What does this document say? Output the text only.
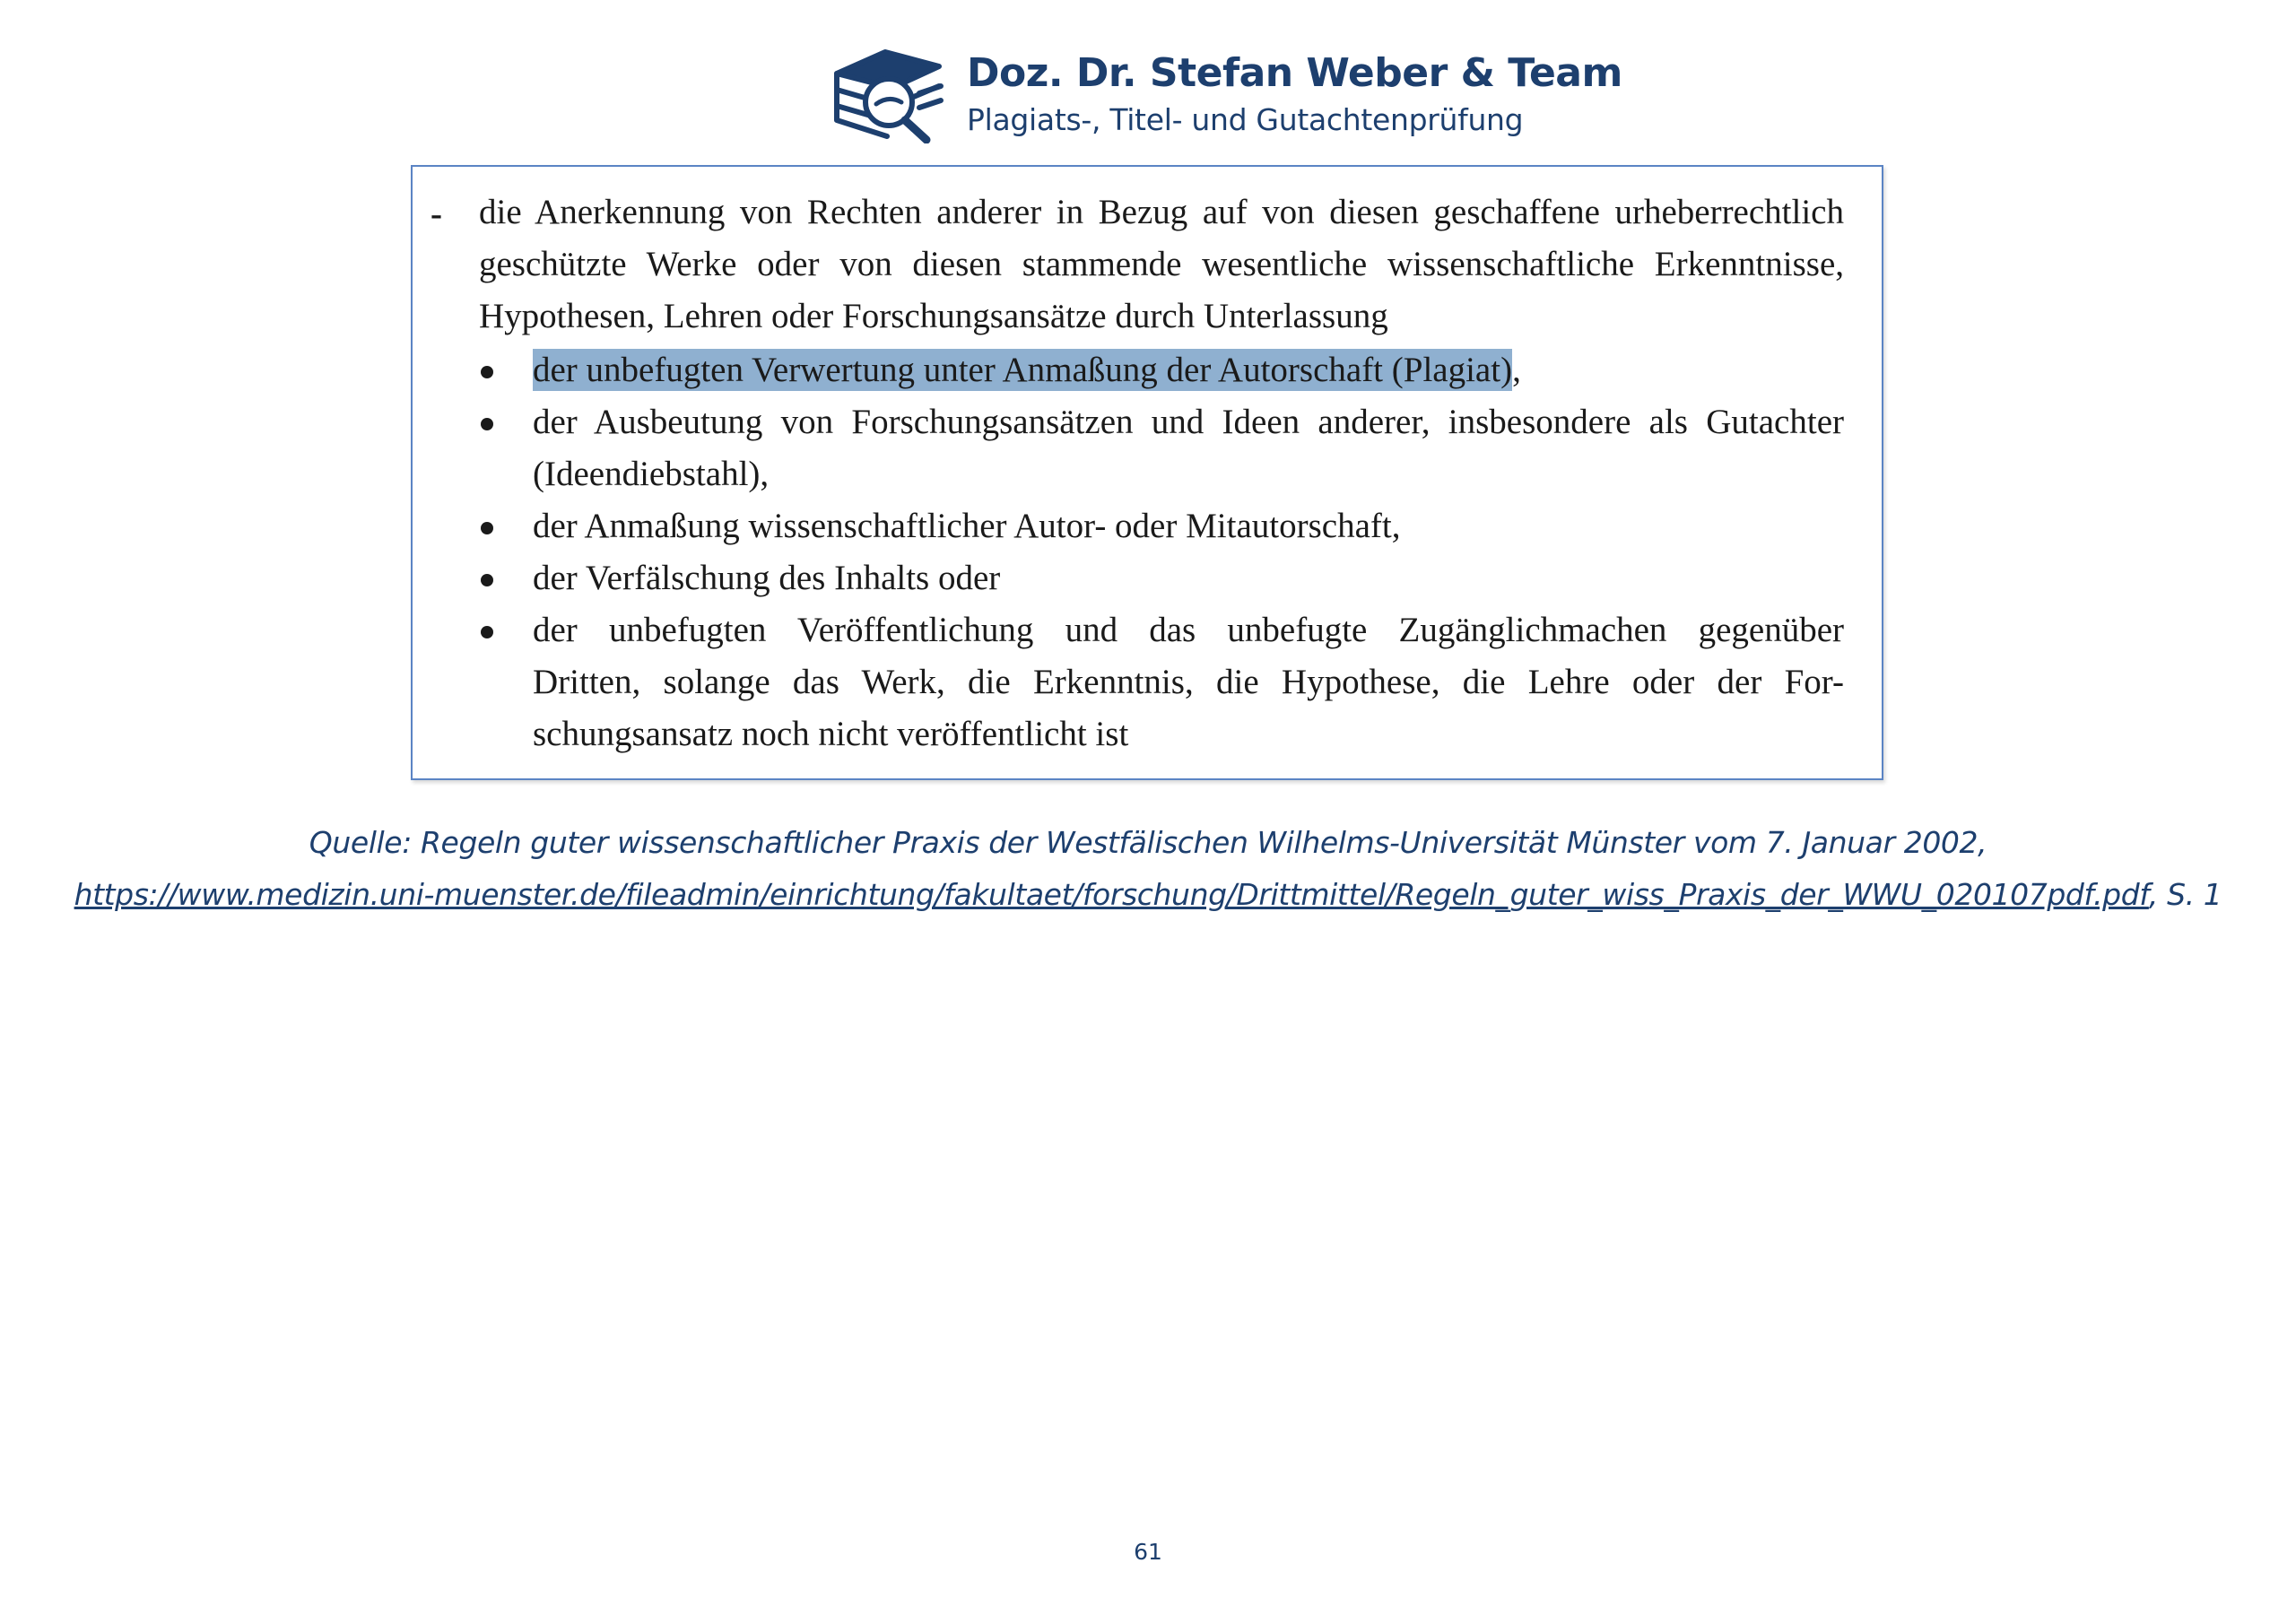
Doz. Dr. Stefan Weber & Team
Plagiats-, Titel- und Gutachtenprüfung
- die Anerkennung von Rechten anderer in Bezug auf von diesen geschaffene urheberrechtlich
geschützte Werke oder von diesen stammende wesentliche wissenschaftliche Erkenntnisse,
Hypothesen, Lehren oder Forschungsansätze durch Unterlassung
der unbefugten Verwertung unter Anmaßung der Autorschaft (Plagiat),
der Ausbeutung von Forschungsansätzen und Ideen anderer, insbesondere als Gutachter
(Ideendiebstahl),
der Anmaßung wissenschaftlicher Autor- oder Mitautorschaft,
der Verfälschung des Inhalts oder
der unbefugten Veröffentlichung und das unbefugte Zugänglichmachen gegenüber
Dritten, solange das Werk, die Erkenntnis, die Hypothese, die Lehre oder der For-
schungsansatz noch nicht veröffentlicht ist
Quelle: Regeln guter wissenschaftlicher Praxis der Westfälischen Wilhelms-Universität Münster vom 7. Januar 2002,
https://www.medizin.uni-muenster.de/fileadmin/einrichtung/fakultaet/forschung/Drittmittel/Regeln_guter_wiss_Praxis_der_WWU_020107pdf.pdf, S. 1
61
